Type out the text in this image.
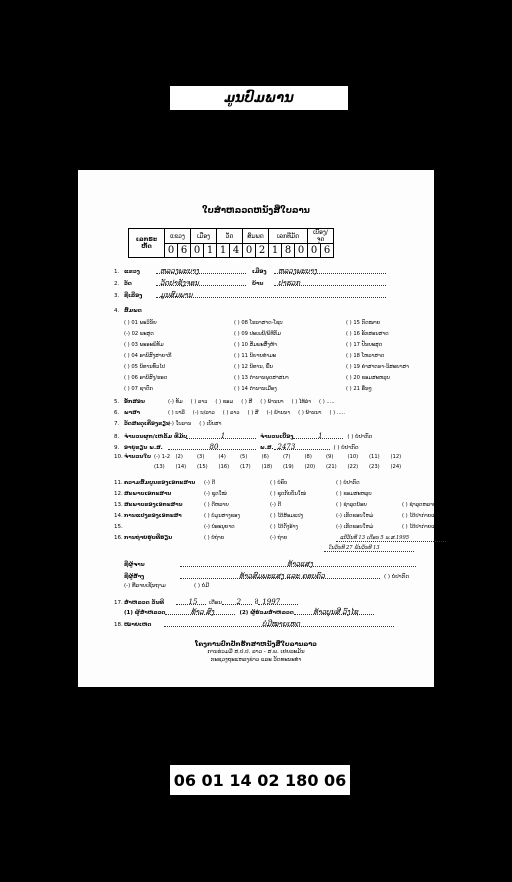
ມູນປົມພານ
ໃບສຳຫລວດຫນັງສືໃບລານ
ເລກຣະຫັດ	ແຂວງ		ເມືອງ		ວັດ		ສົມພດ		ເລກທີມັດ			ເບື້ອງ/ຈຸດ	
	0	6	0	1	1	4	0	2	1	8	0	0	6
1. ແຂວງ	ຫລວງພະບາງ	ເມືອງ	ຫລວງພະບາງ
2. ວັດ	ວັດປາຊັງຈອນ	ບ້ານ	ປາຮວກ
3. ຊື່ເລື່ອງ	ມູນສົມພານ
4. ສົມພດ
( ) 01 ພະວິນັຍ
(-) 02 ພະສູດ
( ) 03 ພະອະພິທັມ
( ) 04 ອານິສົງສາຍາກີ
( ) 05 ນິທານທົ່ວໄປ
( ) 06 ອານິສົງ/ຮອດ
( ) 07 ຊາດົກ
( ) 08 ໂຮລາສາດ-ໂຊບ
( ) 09 ປະເພນີ/ພິທີກັມ
( ) 10 ສັມພະສົ້ງຫ້າ
( ) 11 ນິຍາຍທຳມະ
( ) 12 ນິທານ, ພົ້ນ
( ) 13 ຕຳນານພຸດສາສນາ
( ) 14 ຕຳນານເມືອງ
( ) 15 ກົດໝາຍ
( ) 16 ອັກສອນສາດ
( ) 17 ປັນຍະສຸດ
( ) 18 ໂຫລາສາດ
( ) 19 ຄຳສາຕຣາ-ວິສະຍາສາ
( ) 20 ຂອມສະຫລຸບ
( ) 21 ອື່ນໆ
5. ອັກສອນ	(-) ທັມ ( ) ລາວ ( ) ຂອມ ( ) ສີ ( ) ພ້ານນາ ( ) ໄທ້ລຳ ( ) .....
6. ພາສາ	( ) ບາລີ (-) ບ/ລາວ ( ) ລາວ ( ) ສີ (-) ພ້ານນາ ( ) ພ້ານນາ ( ) .....
7. ວັດສະດຸເຄື່ອງຂຽນ
(-) ໃບລານ ( ) ເບັບສາ
8. ຈຳນວນຜູກ/ເຫລັ້ມ ທີ່ມັບ	1	ຈຳນວນເບື້ອງ	1	( ) ບໍ່ປາກົດ
9. ອາຍຸຂຽນ ພ.ສ.	80	ພ.ສ. 2473	( ) ບໍ່ປາກົດ
10. ຈຳນວນໃບ (-) 1-2 (2)	(3)	(4)	(5)	(6)	(7)	(8)	(9)	(10) (11) (12)
(13) (14) (15) (16) (17) (18) (19) (20) (21) (22) (23) (24)
11. ຄວາມສົມບູນຂອງເອກະສານ	(-) ດີ	( ) ບໍ່ຄົບ	( ) ບໍ່ປາກົດ
12. ສະພາບເອກະສານ	(-) ຊຸດໃໝ່	( ) ຊຸດກັບບັນໃໝ່	( ) ຂອມສະຫລຸບ
13. ສະພາບຂອງເອກະສານ	( ) ດີຫລາຍ	(-) ດີ	( ) ຊຳລຸດນ້ອຍ	( ) ຊຳລຸດຫລາຍ
14. ການແປງຂອງເອກະສາ	( ) ບໍ່ມູນສາງຂອງ	( ) ໄດ້ສ້ອມແປງ	(-) ເຮັດຂອບໃຫມ່	( ) ໄດ້ປາກ່າຍແລ້ວ
15.	(-) ບໍ່ອະນຸຍາດ	( ) ໄດ້ດັ່ງອ້າງ	(-) ເຮັດຂອບໃຫມ່	( ) ໄດ້ປາກ່າຍແລ້ວ
16. ການຖ່າຍຮູບທີ່ຮຽນ	( ) ບໍ່ຖ່າຍ	(-) ຖ່າຍ	ແປ້ວັນທີ 13 ເດືອນ 5 ພ.ສ.1995
ໃນວັນທີ 27 ພັນວັນທີ 13
ຊື່ຜູ້ຈານ	ທ້າວແສງ
ຊື່ຜູ້ສ້າງ	ທ້າວສົມພະແສງ ແລະ ຄອບຄົວ	( ) ບໍ່ປາກົດ
(-) ທີ່ລາຍເຊັນຖາມ	( ) ບໍ່ມີ
17. ສຳຫລວດ ວັນທີ	15	ເດືອນ	2	ປີ 1997
(1) ຜູ້ສຳຫລວດ	ທ້າວ ສົງ	(2) ຜູ້ຮ່ວມສຳຫລວດ	ທ້າວບຸນສີ ວົງໄຊ
18. ໝາຍເຫດ	ບໍ່ມີໝາຍເຫດ
ໂຄງການປົກປັກຮັກສາຫນັງສືໃບລານລາວ
ການຮ່ວມມື ສ.ປ.ປ. ລາວ - ສ.ພ. ເຢຍລະມັນ
ກະຊວງຖະແຫລງຂ່າວ ແລະ ວັດທະນະທຳ
06 01 14 02 180 06
